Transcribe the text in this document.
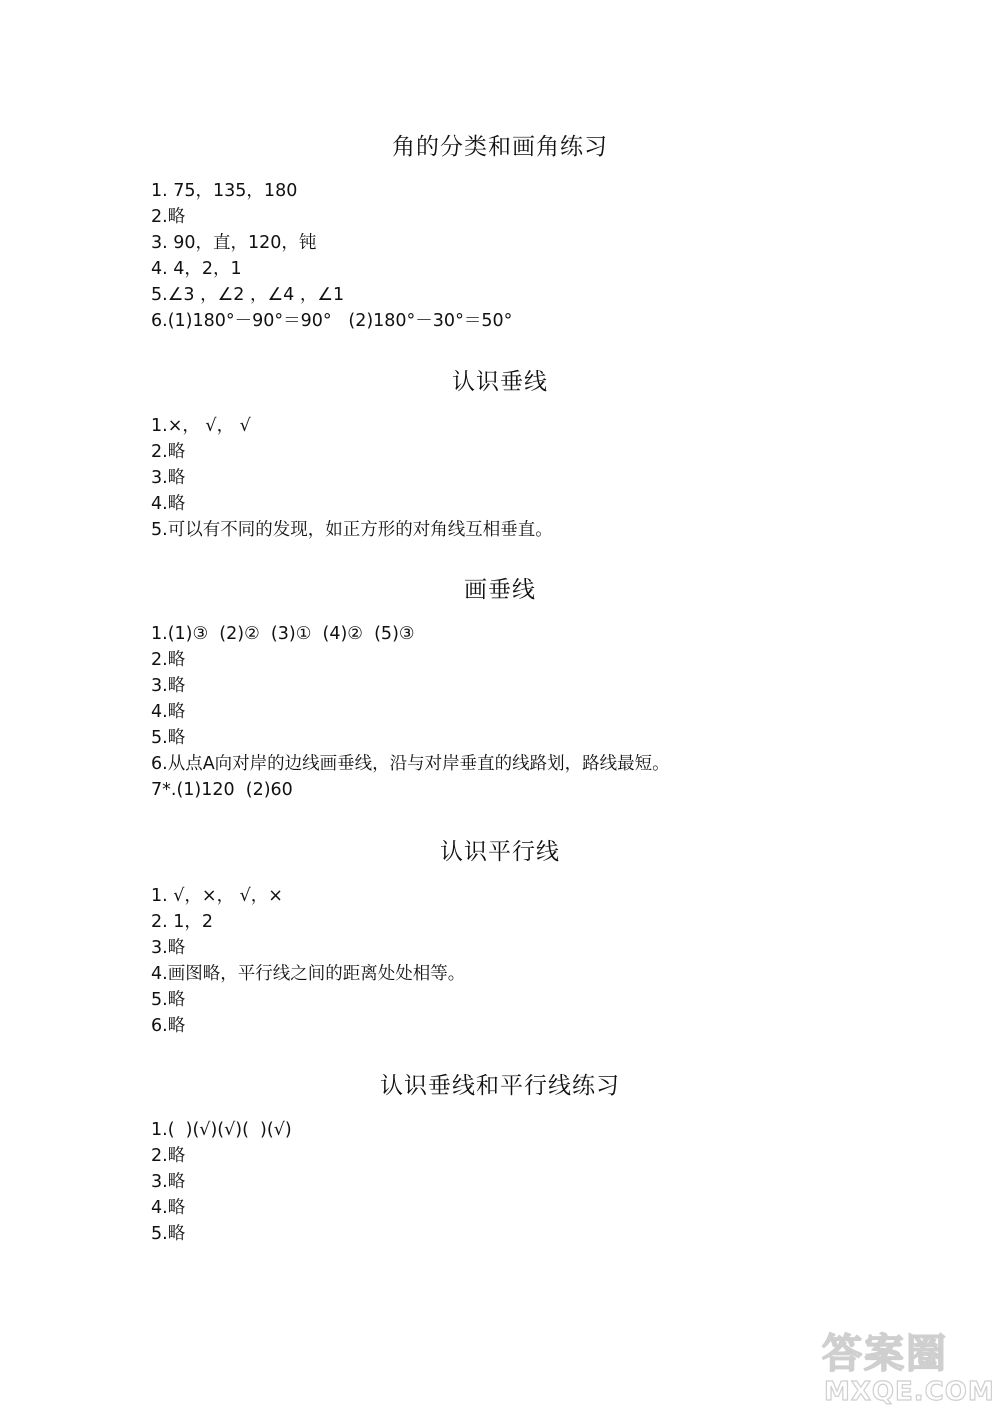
角的分类和画角练习
1. 75，135，180
2.略
3. 90，直，120，钝
4. 4，2，1
5.∠3 ，∠2 ，∠4 ，∠1
6.(1)180°－90°＝90°   (2)180°－30°＝50°
认识垂线
1.×， √， √
2.略
3.略
4.略
5.可以有不同的发现，如正方形的对角线互相垂直。
画垂线
1.(1)③  (2)②  (3)①  (4)②  (5)③
2.略
3.略
4.略
5.略
6.从点A向对岸的边线画垂线，沿与对岸垂直的线路划，路线最短。
7*.(1)120  (2)60
认识平行线
1. √，×， √，×
2. 1，2
3.略
4.画图略，平行线之间的距离处处相等。
5.略
6.略
认识垂线和平行线练习
1.(  )(√)(√)(  )(√)
2.略
3.略
4.略
5.略
答案圈
MXQE.COM
